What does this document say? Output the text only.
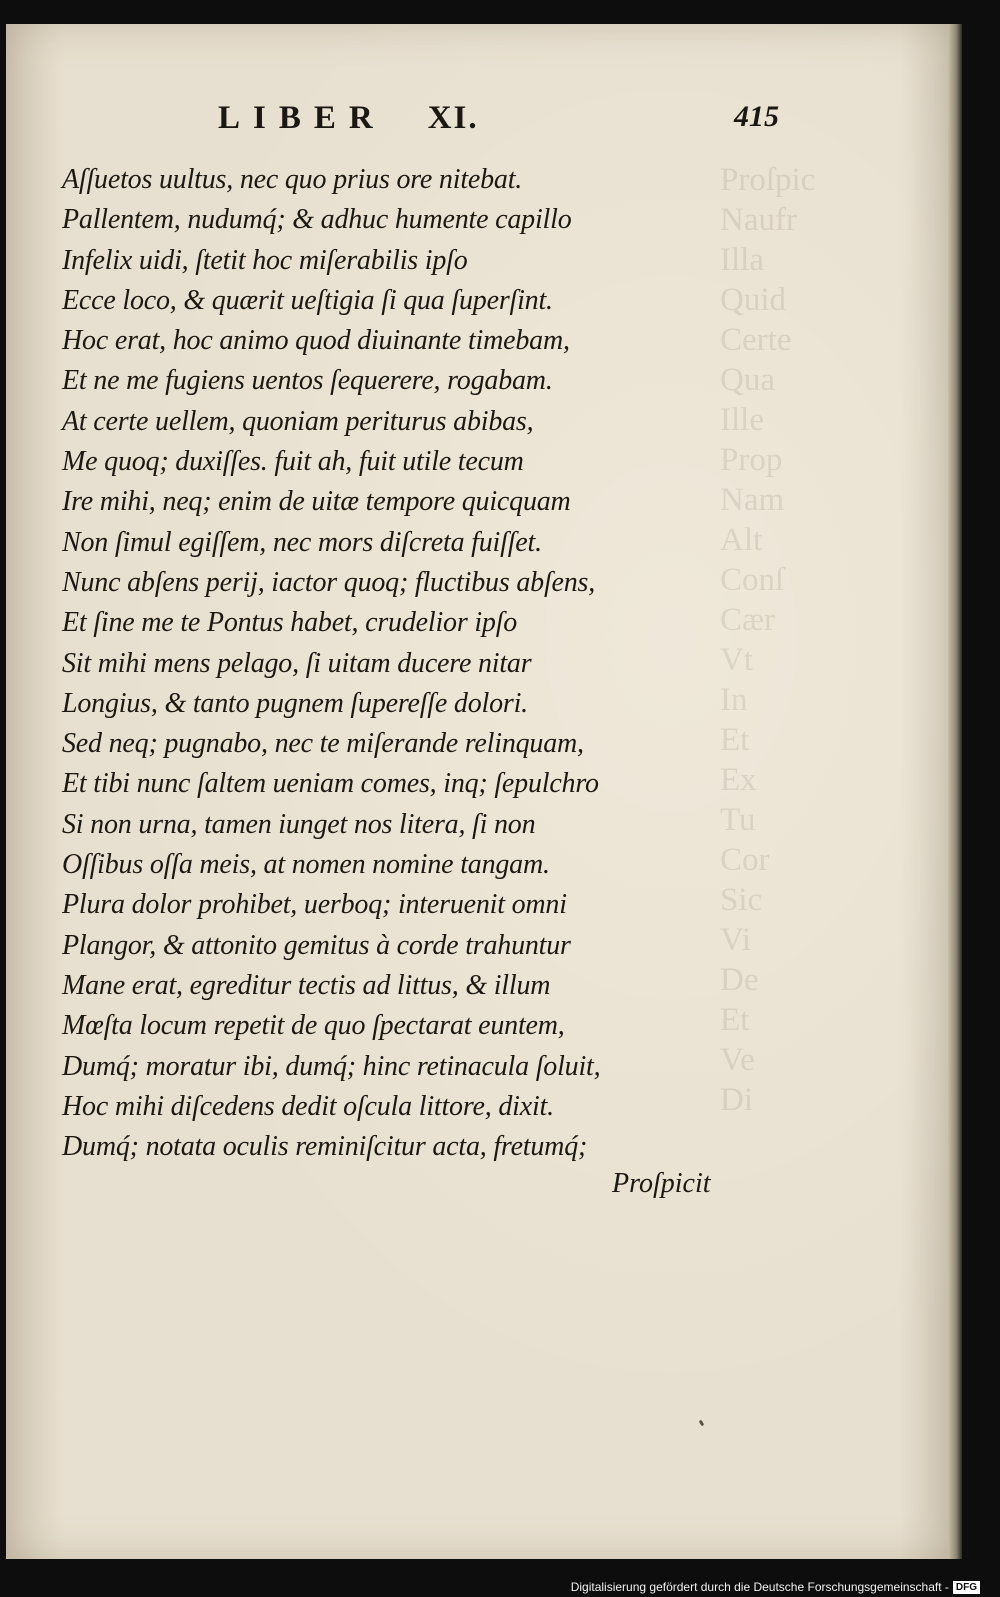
Proſpic
Naufr
Illa
Quid
Certe
Qua
Ille
Prop
Nam
Alt
Conſ
Cær
Vt
In
Et
Ex
Tu
Cor
Sic
Vi
De
Et
Ve
Di
LIBER XI.	415
Aſſuetos uultus, nec quo prius ore nitebat.
Pallentem, nudumq́; & adhuc humente capillo
Infelix uidi, ſtetit hoc miſerabilis ipſo
Ecce loco, & quærit ueſtigia ſi qua ſuperſint.
Hoc erat, hoc animo quod diuinante timebam,
Et ne me fugiens uentos ſequerere, rogabam.
At certe uellem, quoniam periturus abibas,
Me quoq; duxiſſes. fuit ah, fuit utile tecum
Ire mihi, neq; enim de uitæ tempore quicquam
Non ſimul egiſſem, nec mors diſcreta fuiſſet.
Nunc abſens perij, iactor quoq; fluctibus abſens,
Et ſine me te Pontus habet, crudelior ipſo
Sit mihi mens pelago, ſi uitam ducere nitar
Longius, & tanto pugnem ſupereſſe dolori.
Sed neq; pugnabo, nec te miſerande relinquam,
Et tibi nunc ſaltem ueniam comes, inq; ſepulchro
Si non urna, tamen iunget nos litera, ſi non
Oſſibus oſſa meis, at nomen nomine tangam.
Plura dolor prohibet, uerboq; interuenit omni
Plangor, & attonito gemitus à corde trahuntur
Mane erat, egreditur tectis ad littus, & illum
Mœſta locum repetit de quo ſpectarat euntem,
Dumq́; moratur ibi, dumq́; hinc retinacula ſoluit,
Hoc mihi diſcedens dedit oſcula littore, dixit.
Dumq́; notata oculis reminiſcitur acta, fretumq́;
Proſpicit
Digitalisierung gefördert durch die Deutsche Forschungsgemeinschaft - DFG
